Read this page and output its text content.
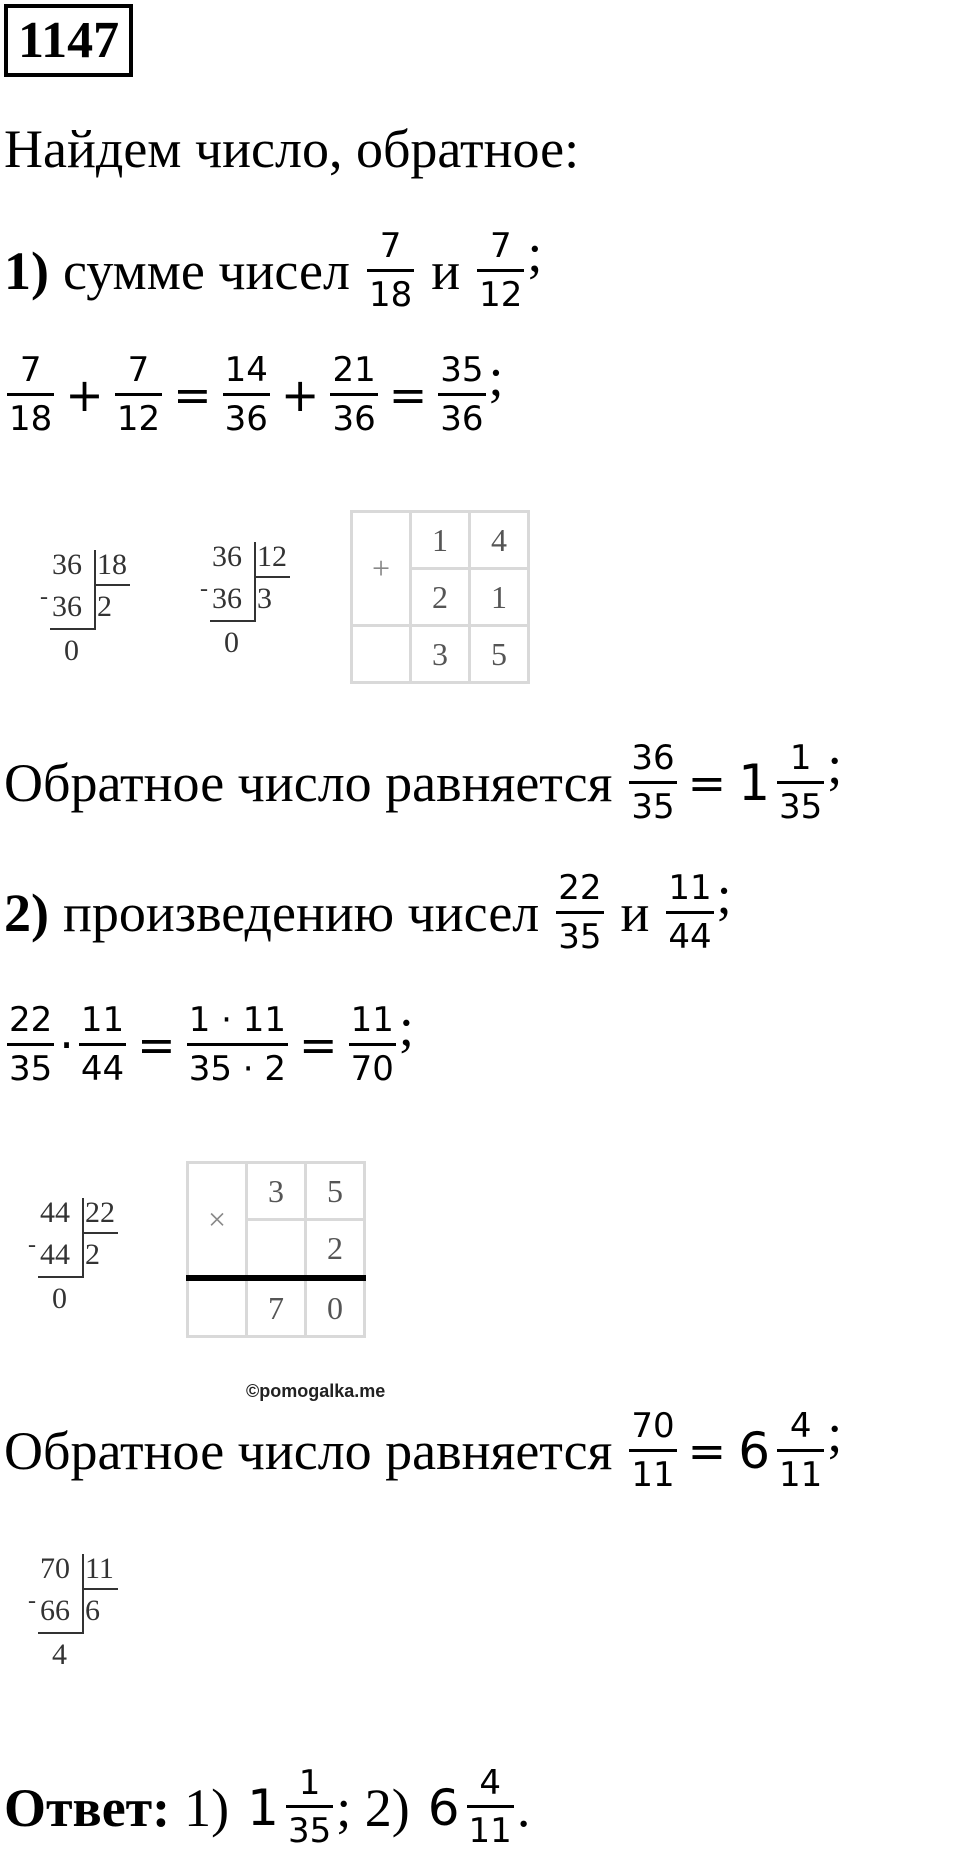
1147
Найдем число, обратное:
1) сумме чисел $\frac{7}{18}$ и $\frac{7}{12}$ ;
$\frac{7}{18} + \frac{7}{12} = \frac{14}{36} + \frac{21}{36} = \frac{35}{36}$ ;
36 18
- 36 2
0
36 12
- 36 3
0
+	1	4
	2	1
	3	5
Обратное число равняется $\frac{36}{35} = 1 \frac{1}{35}$ ;
2) произведению чисел $\frac{22}{35}$ и $\frac{11}{44}$ ;
$\frac{22}{35} \cdot \frac{11}{44} = \frac{1 \cdot 11}{35 \cdot 2} = \frac{11}{70}$ ;
44 22
- 44 2
0
×	3	5
		2
	7	0
©pomogalka.me
Обратное число равняется $\frac{70}{11} = 6 \frac{4}{11}$ ;
70 11
- 66 6
4
Ответ: 1) $1 \frac{1}{35}$ ; 2) $6 \frac{4}{11}$ .
